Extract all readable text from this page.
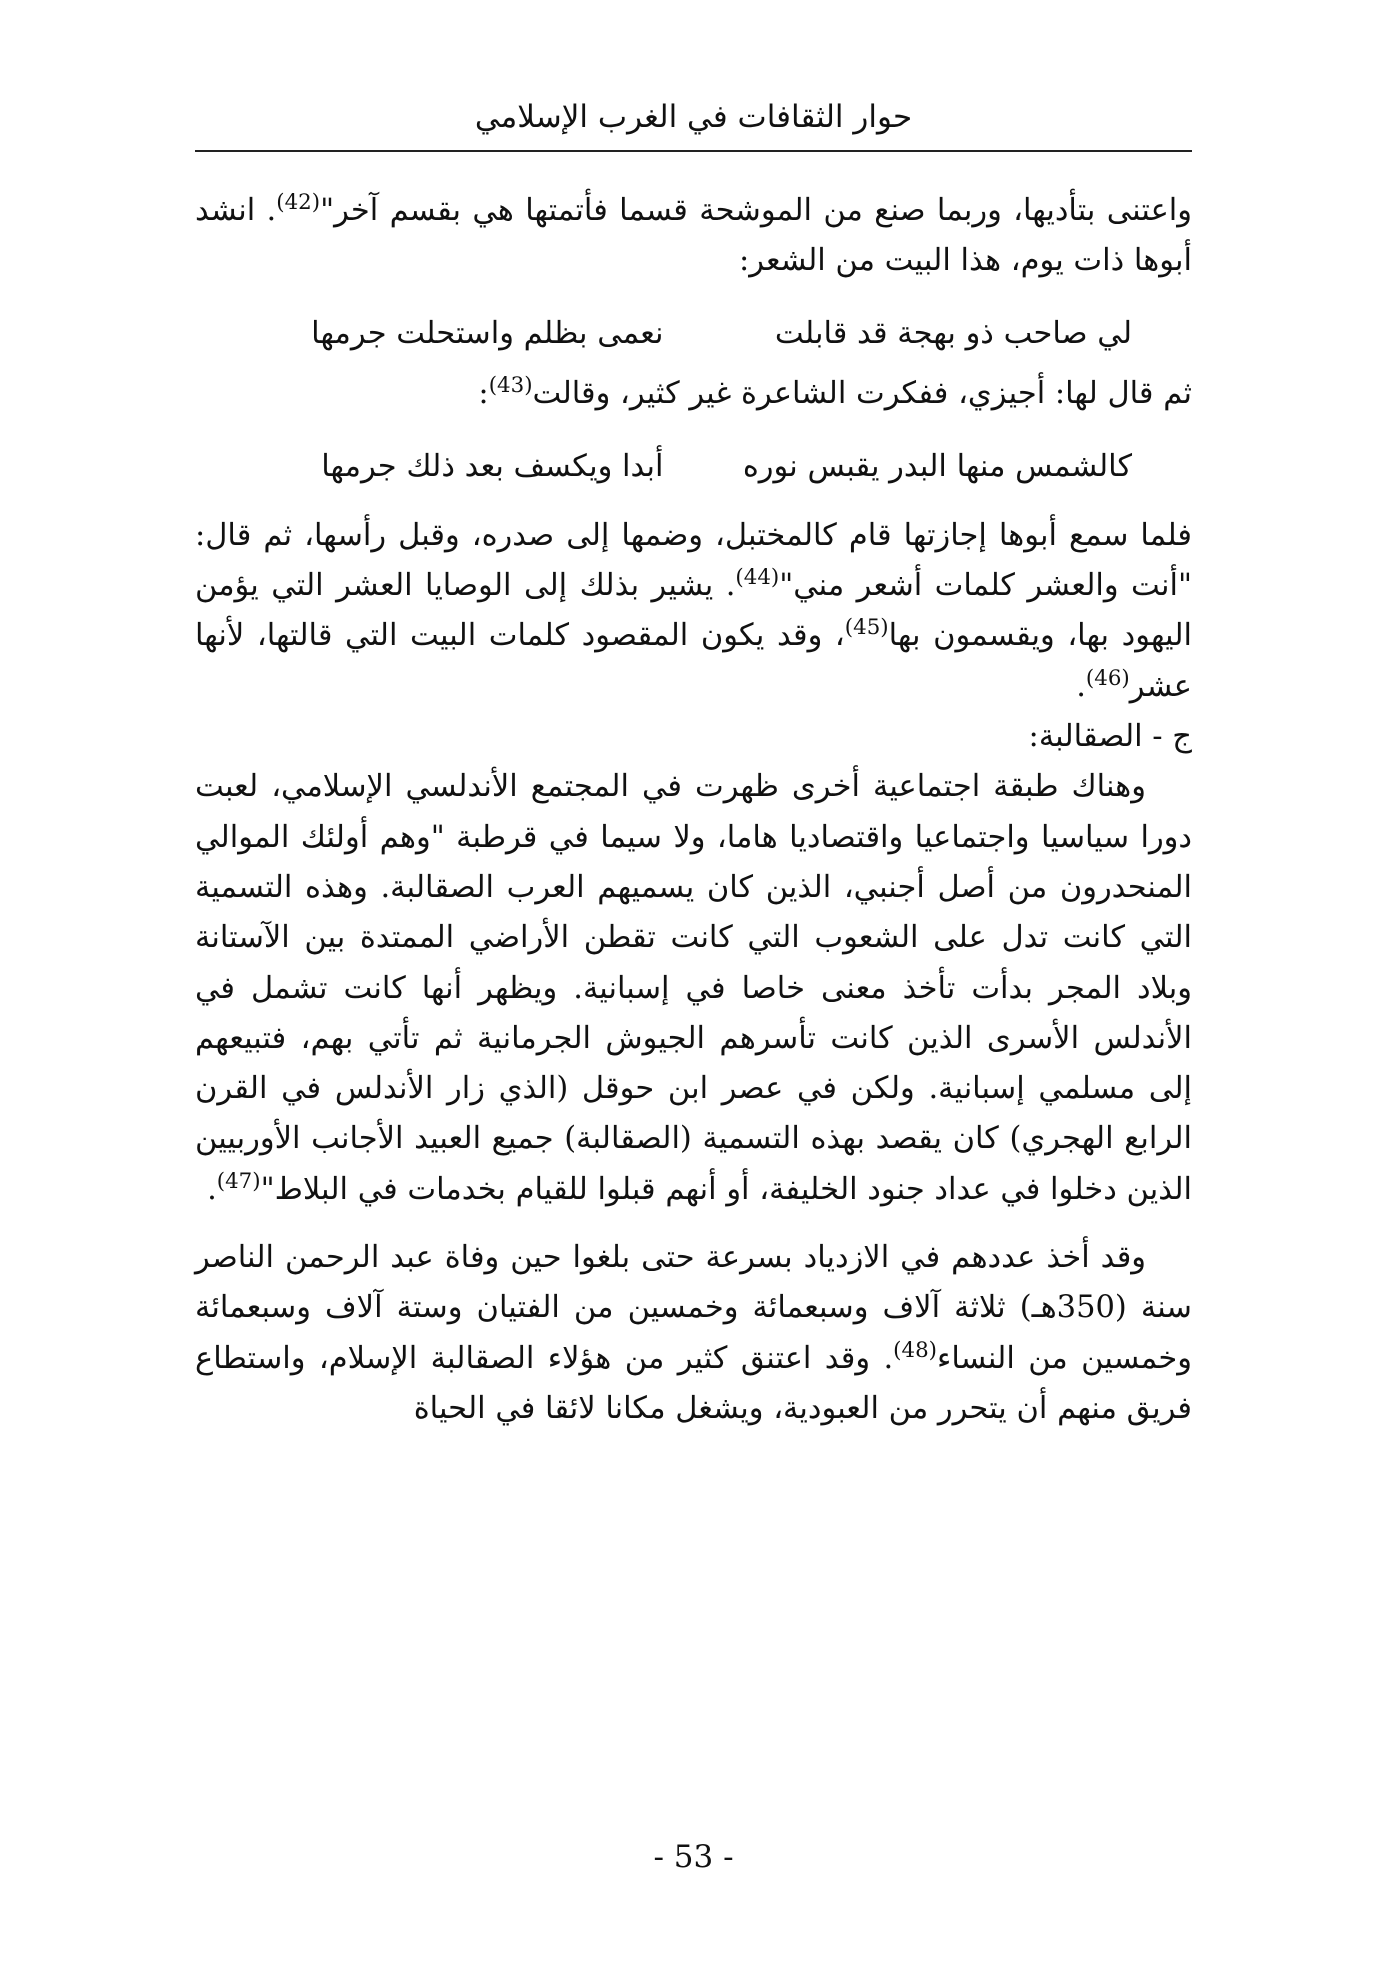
حوار الثقافات في الغرب الإسلامي

واعتنى بتأديها، وربما صنع من الموشحة قسما فأتمتها هي بقسم آخر"$^{(42)}$. انشد أبوها ذات يوم، هذا البيت من الشعر:

لي صاحب ذو بهجة قد قابلت
نعمى بظلم واستحلت جرمها

ثم قال لها: أجيزي، ففكرت الشاعرة غير كثير، وقالت$^{(43)}$:

كالشمس منها البدر يقبس نوره
أبدا ويكسف بعد ذلك جرمها

فلما سمع أبوها إجازتها قام كالمختبل، وضمها إلى صدره، وقبل رأسها، ثم قال: "أنت والعشر كلمات أشعر مني"$^{(44)}$. يشير بذلك إلى الوصايا العشر التي يؤمن اليهود بها، ويقسمون بها$^{(45)}$، وقد يكون المقصود كلمات البيت التي قالتها، لأنها عشر$^{(46)}$.

ج - الصقالبة:

وهناك طبقة اجتماعية أخرى ظهرت في المجتمع الأندلسي الإسلامي، لعبت دورا سياسيا واجتماعيا واقتصاديا هاما، ولا سيما في قرطبة "وهم أولئك الموالي المنحدرون من أصل أجنبي، الذين كان يسميهم العرب الصقالبة. وهذه التسمية التي كانت تدل على الشعوب التي كانت تقطن الأراضي الممتدة بين الآستانة وبلاد المجر بدأت تأخذ معنى خاصا في إسبانية. ويظهر أنها كانت تشمل في الأندلس الأسرى الذين كانت تأسرهم الجيوش الجرمانية ثم تأتي بهم، فتبيعهم إلى مسلمي إسبانية. ولكن في عصر ابن حوقل (الذي زار الأندلس في القرن الرابع الهجري) كان يقصد بهذه التسمية (الصقالبة) جميع العبيد الأجانب الأوربيين الذين دخلوا في عداد جنود الخليفة، أو أنهم قبلوا للقيام بخدمات في البلاط"$^{(47)}$.

وقد أخذ عددهم في الازدياد بسرعة حتى بلغوا حين وفاة عبد الرحمن الناصر سنة (350هـ) ثلاثة آلاف وسبعمائة وخمسين من الفتيان وستة آلاف وسبعمائة وخمسين من النساء$^{(48)}$. وقد اعتنق كثير من هؤلاء الصقالبة الإسلام، واستطاع فريق منهم أن يتحرر من العبودية، ويشغل مكانا لائقا في الحياة

- 53 -
